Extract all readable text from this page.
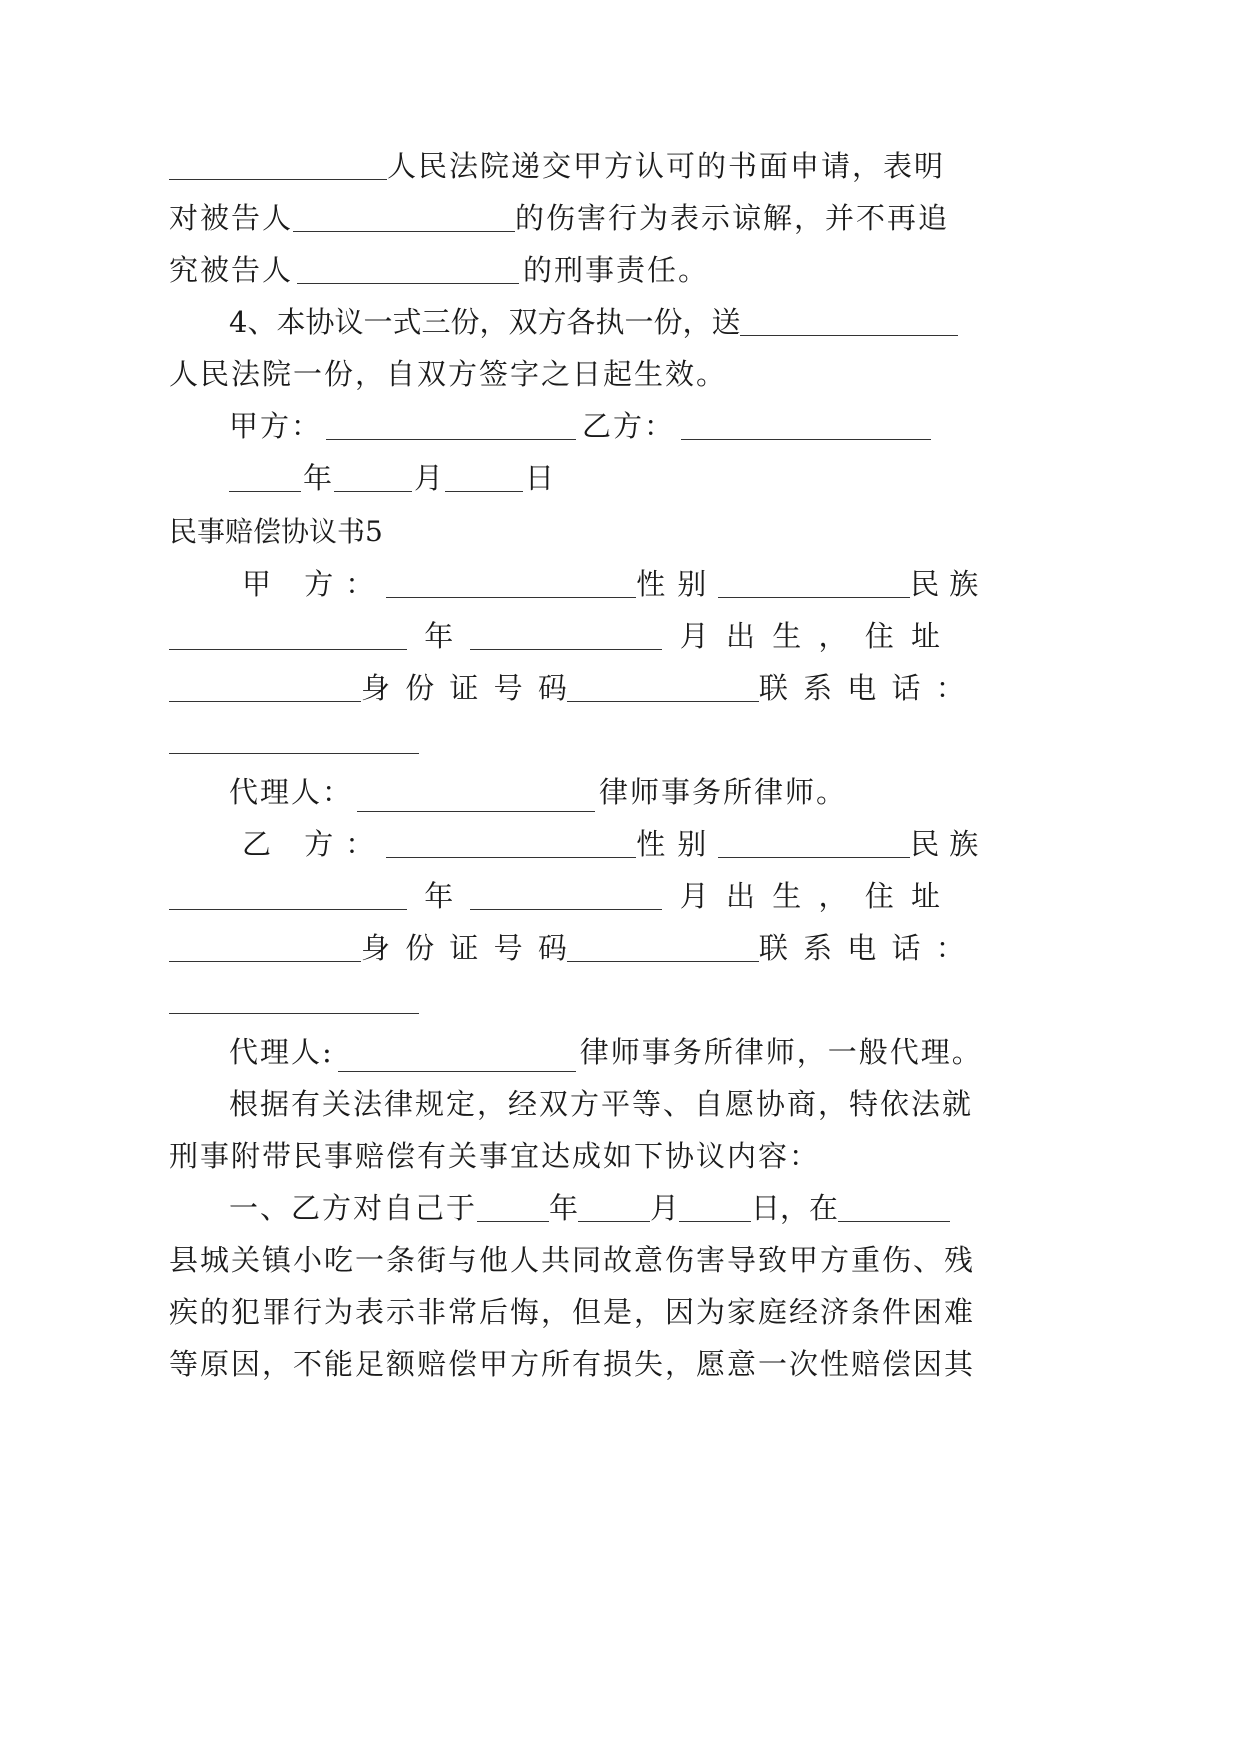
人民法院递交甲方认可的书面申请，表明
对被告人	的伤害行为表示谅解，并不再追
究被告人	的刑事责任。
4、本协议一式三份，双方各执一份，送
人民法院一份，自双方签字之日起生效。
甲方：	乙方：
年	月	日
民事赔偿协议书5
甲 方：	性别	民族
年	月 出 生 ， 住 址
身 份 证 号 码	联 系 电 话 ：
代理人：	律师事务所律师。
乙 方：	性别	民族
年	月 出 生 ， 住 址
身 份 证 号 码	联 系 电 话 ：
代理人:	律师事务所律师，一般代理。
根据有关法律规定，经双方平等、自愿协商，特依法就
刑事附带民事赔偿有关事宜达成如下协议内容：
一、乙方对自己于 年 月 日，在
县城关镇小吃一条街与他人共同故意伤害导致甲方重伤、残
疾的犯罪行为表示非常后悔，但是，因为家庭经济条件困难
等原因，不能足额赔偿甲方所有损失，愿意一次性赔偿因其
